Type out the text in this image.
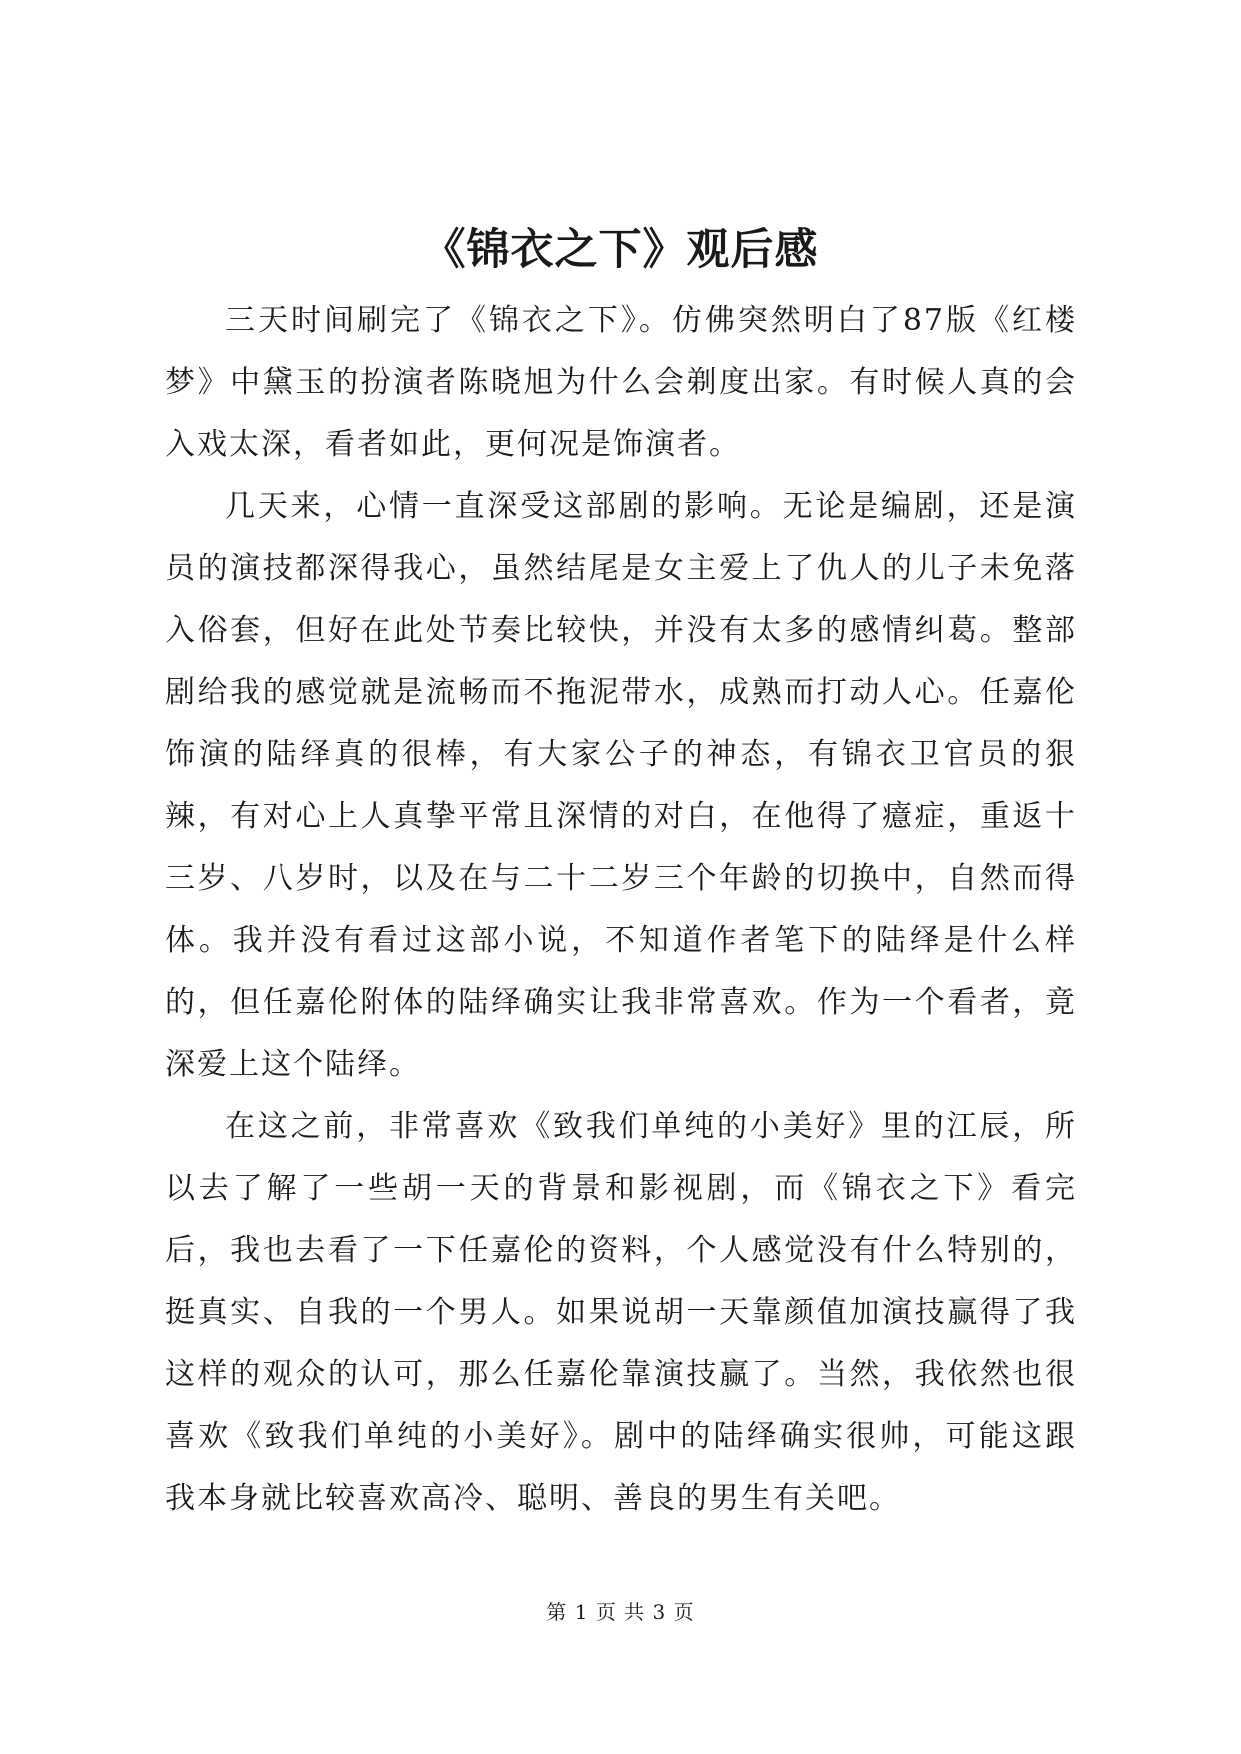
《锦衣之下》观后感

三天时间刷完了《锦衣之下》。仿佛突然明白了87版《红楼梦》中黛玉的扮演者陈晓旭为什么会剃度出家。有时候人真的会入戏太深，看者如此，更何况是饰演者。

几天来，心情一直深受这部剧的影响。无论是编剧，还是演员的演技都深得我心，虽然结尾是女主爱上了仇人的儿子未免落入俗套，但好在此处节奏比较快，并没有太多的感情纠葛。整部剧给我的感觉就是流畅而不拖泥带水，成熟而打动人心。任嘉伦饰演的陆绎真的很棒，有大家公子的神态，有锦衣卫官员的狠辣，有对心上人真挚平常且深情的对白，在他得了癔症，重返十三岁、八岁时，以及在与二十二岁三个年龄的切换中，自然而得体。我并没有看过这部小说，不知道作者笔下的陆绎是什么样的，但任嘉伦附体的陆绎确实让我非常喜欢。作为一个看者，竟深爱上这个陆绎。

在这之前，非常喜欢《致我们单纯的小美好》里的江辰，所以去了解了一些胡一天的背景和影视剧，而《锦衣之下》看完后，我也去看了一下任嘉伦的资料，个人感觉没有什么特别的，挺真实、自我的一个男人。如果说胡一天靠颜值加演技赢得了我这样的观众的认可，那么任嘉伦靠演技赢了。当然，我依然也很喜欢《致我们单纯的小美好》。剧中的陆绎确实很帅，可能这跟我本身就比较喜欢高冷、聪明、善良的男生有关吧。

第 1 页 共 3 页
